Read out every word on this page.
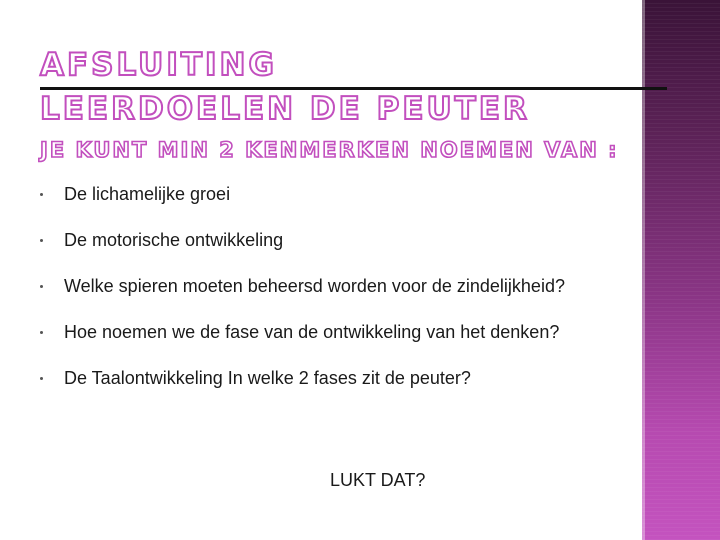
AFSLUITING
LEERDOELEN DE PEUTER
JE KUNT MIN 2 KENMERKEN NOEMEN VAN :
De lichamelijke groei
De motorische ontwikkeling
Welke spieren moeten beheersd worden voor de zindelijkheid?
Hoe noemen we de fase van de ontwikkeling van het denken?
De Taalontwikkeling In welke 2 fases zit de peuter?
LUKT DAT?
